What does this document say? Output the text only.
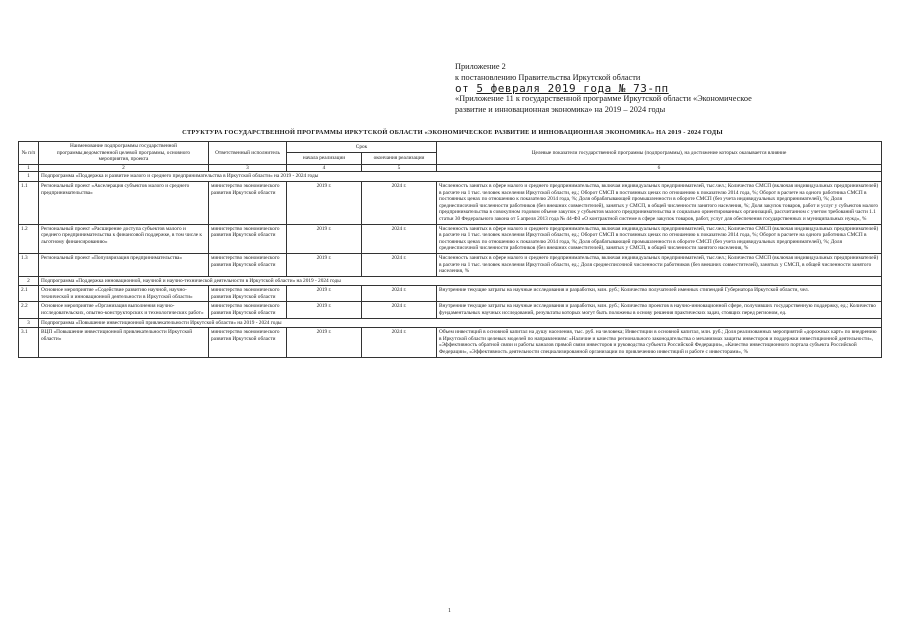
Приложение 2
к постановлению Правительства Иркутской области
от 5 февраля 2019 года № 73-пп
«Приложение 11 к государственной программе Иркутской области «Экономическое
развитие и инновационная экономика» на 2019 – 2024 годы
СТРУКТУРА ГОСУДАРСТВЕННОЙ ПРОГРАММЫ ИРКУТСКОЙ ОБЛАСТИ «ЭКОНОМИЧЕСКОЕ РАЗВИТИЕ И ИННОВАЦИОННАЯ ЭКОНОМИКА» НА 2019 - 2024 ГОДЫ
№ п/п	Наименование подпрограммы государственной программы,ведомственной целевой программы, основного мероприятия, проекта	Ответственный исполнитель	Срок		Целевые показатели государственной программы (подпрограммы), на достижение которых оказывается влияние
			начала реализации	окончания реализации	
1	2	3	4	5	6
1	Подпрограмма «Поддержка и развитие малого и среднего предпринимательства в Иркутской области» на 2019 - 2024 годы				
1.1	Региональный проект «Акселерация субъектов малого и среднего предпринимательства»	министерство экономического развития Иркутской области	2019 г.	2024 г.	Численность занятых в сфере малого и среднего предпринимательства, включая индивидуальных предпринимателей, тыс.чел.; Количество СМСП (включая индивидуальных предпринимателей) в расчете на 1 тыс. человек населения Иркутской области, ед.; Оборот СМСП в постоянных ценах по отношению к показателю 2014 года, %; Оборот в расчете на одного работника СМСП в постоянных ценах по отношению к показателю 2014 года, %; Доля обрабатывающей промышленности в обороте СМСП (без учета индивидуальных предпринимателей), %; Доля среднесписочной численности работников (без внешних совместителей), занятых у СМСП, в общей численности занятого населения, %; Доля закупок товаров, работ и услуг у субъектов малого предпринимательства в совокупном годовом объеме закупок у субъектов малого предпринимательства и социально ориентированных организаций, рассчитанном с учетом требований части 1.1 статьи 30 Федерального закона от 5 апреля 2013 года № 44-ФЗ «О контрактной системе в сфере закупок товаров, работ, услуг для обеспечения государственных и муниципальных нужд», %
1.2	Региональный проект «Расширение доступа субъектов малого и среднего предпринимательства к финансовой поддержке, в том числе к льготному финансированию»	министерство экономического развития Иркутской области	2019 г.	2024 г.	Численность занятых в сфере малого и среднего предпринимательства, включая индивидуальных предпринимателей, тыс.чел.; Количество СМСП (включая индивидуальных предпринимателей) в расчете на 1 тыс. человек населения Иркутской области, ед.; Оборот СМСП в постоянных ценах по отношению к показателю 2014 года, %; Оборот в расчете на одного работника СМСП в постоянных ценах по отношению к показателю 2014 года, %; Доля обрабатывающей промышленности в обороте СМСП (без учета индивидуальных предпринимателей), %; Доля среднесписочной численности работников (без внешних совместителей), занятых у СМСП, в общей численности занятого населения, %
1.3	Региональный проект «Популяризация предпринимательства»	министерство экономического развития Иркутской области	2019 г.	2024 г.	Численность занятых в сфере малого и среднего предпринимательства, включая индивидуальных предпринимателей, тыс.чел.; Количество СМСП (включая индивидуальных предпринимателей) в расчете на 1 тыс. человек населения Иркутской области, ед.; Доля среднесписочной численности работников (без внешних совместителей), занятых у СМСП, в общей численности занятого населения, %
2	Подпрограмма «Поддержка инновационной, научной и научно-технической деятельности в Иркутской области» на 2019 - 2024 годы				
2.1	Основное мероприятие «Содействие развитию научной, научно-технической и инновационной деятельности в Иркутской области»	министерство экономического развития Иркутской области	2019 г.	2024 г.	Внутренние текущие затраты на научные исследования и разработки, млн. руб.; Количество получателей именных стипендий Губернатора Иркутской области, чел.
2.2	Основное мероприятие «Организация выполнения научно-исследовательских, опытно-конструкторских и технологических работ»	министерство экономического развития Иркутской области	2019 г.	2024 г.	Внутренние текущие затраты на научные исследования и разработки, млн. руб.; Количество проектов в научно-инновационной сфере, получивших государственную поддержку, ед.; Количество фундаментальных научных исследований, результаты которых могут быть положены в основу решения практических задач, стоящих перед регионом, ед.
3	Подпрограмма «Повышение инвестиционной привлекательности Иркутской области» на 2019 - 2024 годы				
3.1	ВЦП «Повышение инвестиционной привлекательности Иркутской области»	министерство экономического развития Иркутской области	2019 г.	2024 г.	Объем инвестиций в основной капитал на душу населения, тыс. руб. на человека; Инвестиции в основной капитал, млн. руб.; Доля реализованных мероприятий «дорожных карт» по внедрению в Иркутской области целевых моделей по направлениям: «Наличие и качество регионального законодательства о механизмах защиты инвесторов и поддержки инвестиционной деятельности», «Эффективность обратной связи и работы каналов прямой связи инвесторов и руководства субъекта Российской Федерации», «Качество инвестиционного портала субъекта Российской Федерации», «Эффективность деятельности специализированной организации по привлечению инвестиций и работе с инвесторами», %
1
